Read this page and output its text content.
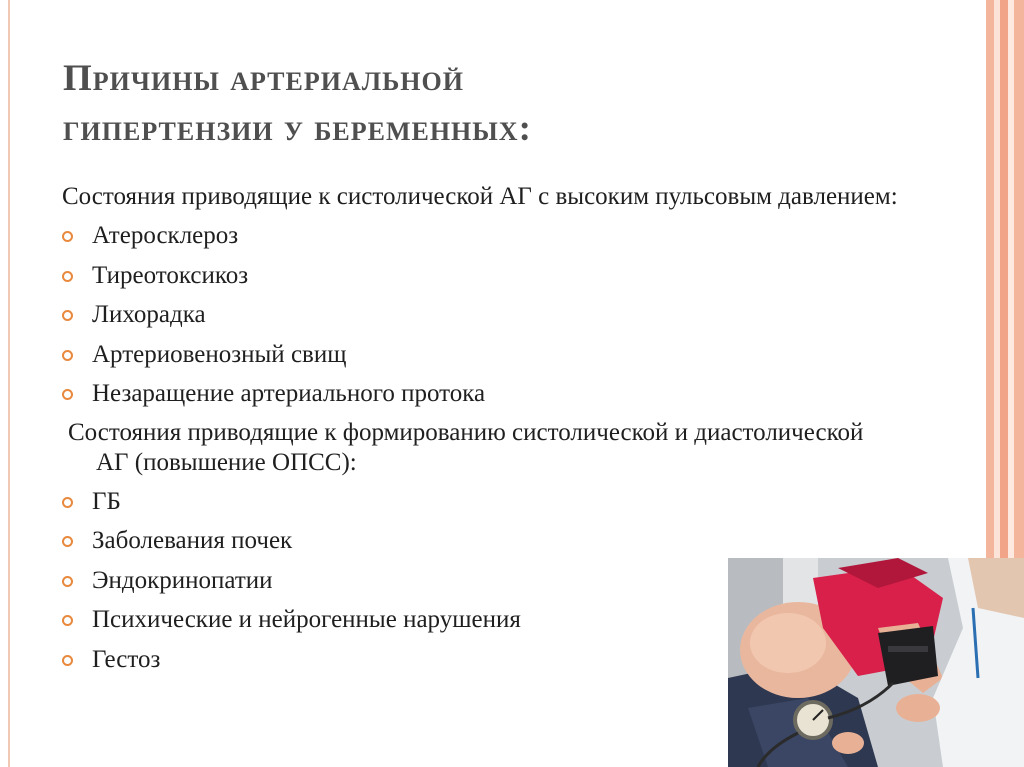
Причины артериальной
гипертензии у беременных:

Состояния приводящие к систолической АГ с высоким пульсовым давлением:

Атеросклероз
Тиреотоксикоз
Лихорадка
Артериовенозный свищ
Незаращение артериального протока

Состояния приводящие к формированию систолической и диастолической АГ (повышение ОПСС):

ГБ
Заболевания почек
Эндокринопатии
Психические и нейрогенные нарушения
Гестоз
